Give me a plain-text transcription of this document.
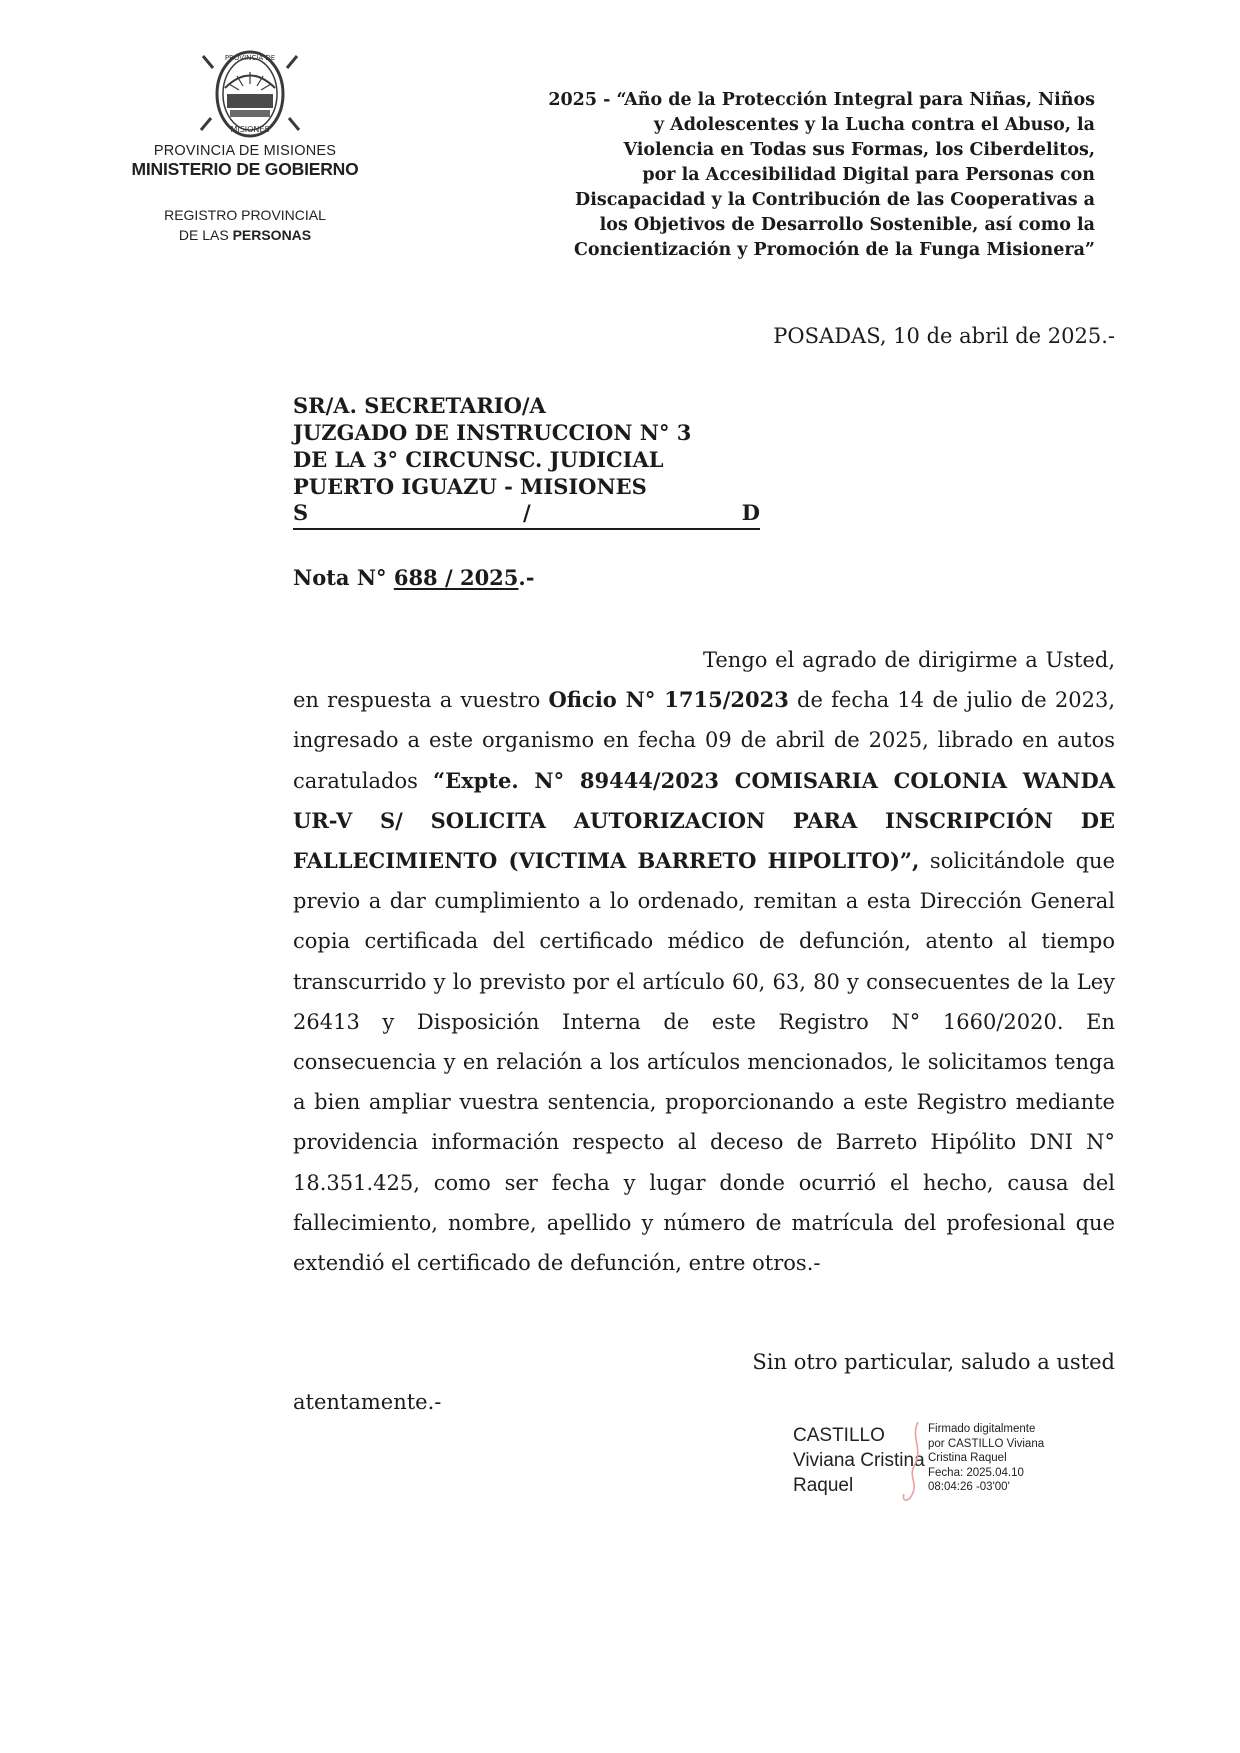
PROVINCIA DE
MISIONES
PROVINCIA DE MISIONES
MINISTERIO DE GOBIERNO
REGISTRO PROVINCIAL
DE LAS PERSONAS
2025 - “Año de la Protección Integral para Niñas, Niños
y Adolescentes y la Lucha contra el Abuso, la
Violencia en Todas sus Formas, los Ciberdelitos,
por la Accesibilidad Digital para Personas con
Discapacidad y la Contribución de las Cooperativas a
los Objetivos de Desarrollo Sostenible, así como la
Concientización y Promoción de la Funga Misionera”
POSADAS, 10 de abril de 2025.-
SR/A. SECRETARIO/A
JUZGADO DE INSTRUCCION N° 3
DE LA 3° CIRCUNSC. JUDICIAL
PUERTO IGUAZU - MISIONES
S	/	D
Nota N° 688 / 2025.-

Tengo el agrado de dirigirme a Usted, en respuesta a vuestro Oficio N° 1715/2023 de fecha 14 de julio de 2023, ingresado a este organismo en fecha 09 de abril de 2025, librado en autos caratulados “Expte. N° 89444/2023 COMISARIA COLONIA WANDA UR-V S/ SOLICITA AUTORIZACION PARA INSCRIPCIÓN DE FALLECIMIENTO (VICTIMA BARRETO HIPOLITO)”, solicitándole que previo a dar cumplimiento a lo ordenado, remitan a esta Dirección General copia certificada del certificado médico de defunción, atento al tiempo transcurrido y lo previsto por el artículo 60, 63, 80 y consecuentes de la Ley 26413 y Disposición Interna de este Registro N° 1660/2020. En consecuencia y en relación a los artículos mencionados, le solicitamos tenga a bien ampliar vuestra sentencia, proporcionando a este Registro mediante providencia información respecto al deceso de Barreto Hipólito DNI N° 18.351.425, como ser fecha y lugar donde ocurrió el hecho, causa del fallecimiento, nombre, apellido y número de matrícula del profesional que extendió el certificado de defunción, entre otros.-

Sin otro particular, saludo a usted
atentamente.-
CASTILLO
Viviana Cristina
Raquel
Firmado digitalmente
por CASTILLO Viviana
Cristina Raquel
Fecha: 2025.04.10
08:04:26 -03'00'
